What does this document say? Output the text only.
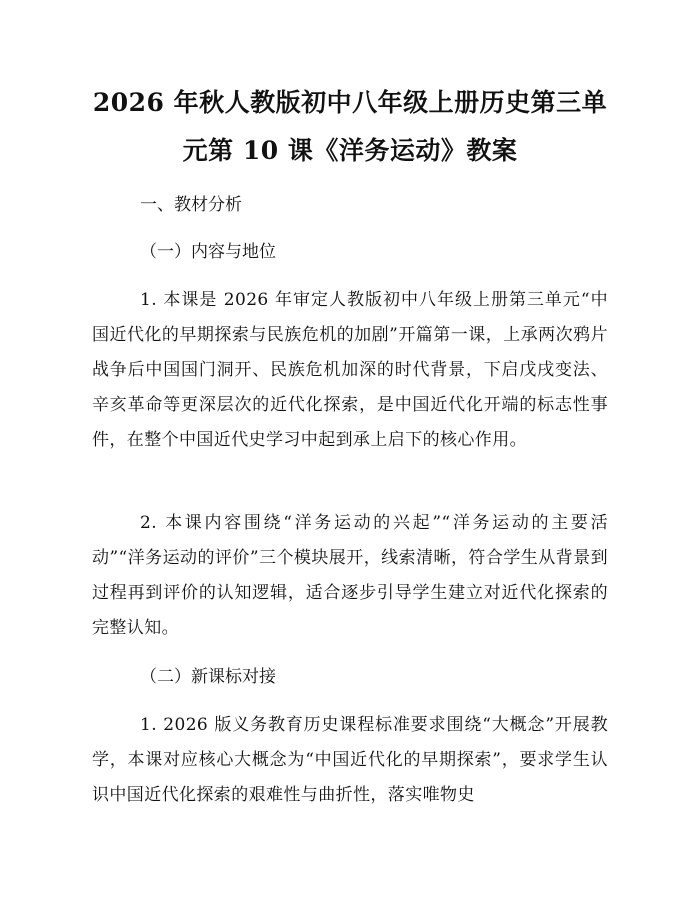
2026 年秋人教版初中八年级上册历史第三单
元第 10 课《洋务运动》教案
一、教材分析
（一）内容与地位
1. 本课是 2026 年审定人教版初中八年级上册第三单元“中国近代化的早期探索与民族危机的加剧”开篇第一课，上承两次鸦片战争后中国国门洞开、民族危机加深的时代背景，下启戊戌变法、辛亥革命等更深层次的近代化探索，是中国近代化开端的标志性事件，在整个中国近代史学习中起到承上启下的核心作用。
2. 本课内容围绕“洋务运动的兴起”“洋务运动的主要活动”“洋务运动的评价”三个模块展开，线索清晰，符合学生从背景到过程再到评价的认知逻辑，适合逐步引导学生建立对近代化探索的完整认知。
（二）新课标对接
1. 2026 版义务教育历史课程标准要求围绕“大概念”开展教学，本课对应核心大概念为“中国近代化的早期探索”，要求学生认识中国近代化探索的艰难性与曲折性，落实唯物史
